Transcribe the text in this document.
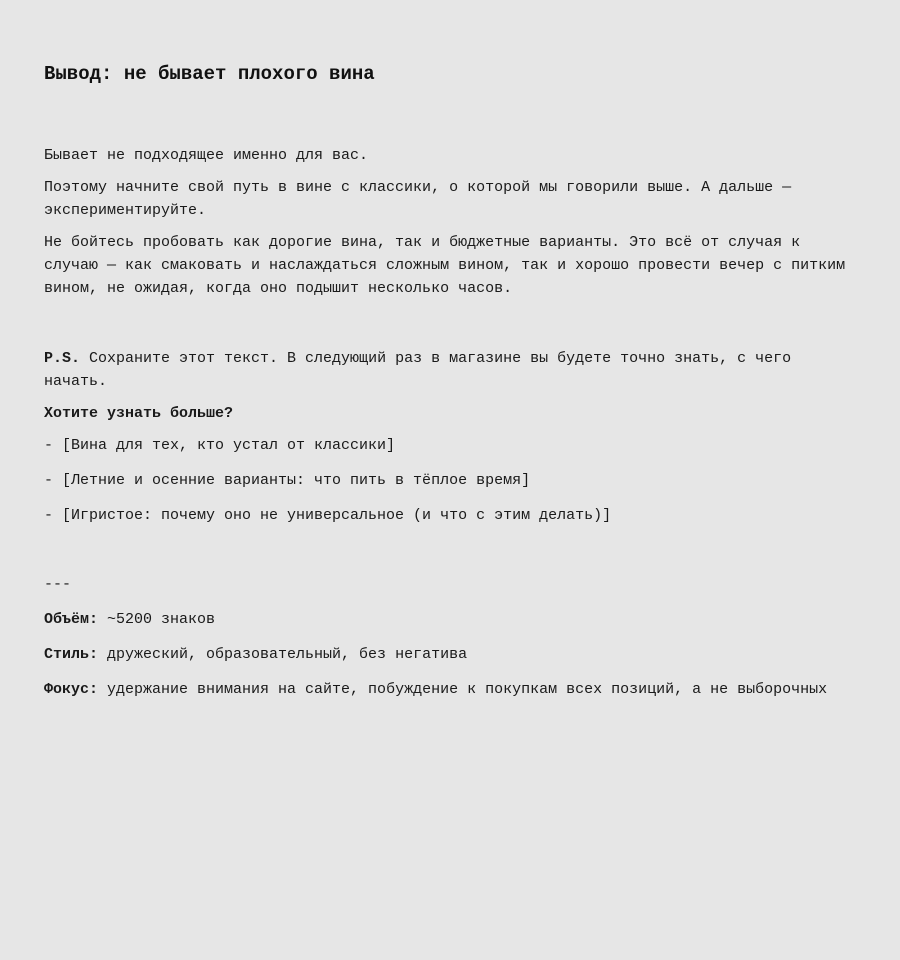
Вывод: не бывает плохого вина

Бывает не подходящее именно для вас.

Поэтому начните свой путь в вине с классики, о которой мы говорили выше. А дальше — экспериментируйте.

Не бойтесь пробовать как дорогие вина, так и бюджетные варианты. Это всё от случая к случаю — как смаковать и наслаждаться сложным вином, так и хорошо провести вечер с питким вином, не ожидая, когда оно подышит несколько часов.

P.S. Сохраните этот текст. В следующий раз в магазине вы будете точно знать, с чего начать.

Хотите узнать больше?

- [Вина для тех, кто устал от классики]

- [Летние и осенние варианты: что пить в тёплое время]

- [Игристое: почему оно не универсальное (и что с этим делать)]

---

Объём: ~5200 знаков

Стиль: дружеский, образовательный, без негатива

Фокус: удержание внимания на сайте, побуждение к покупкам всех позиций, а не выборочных
